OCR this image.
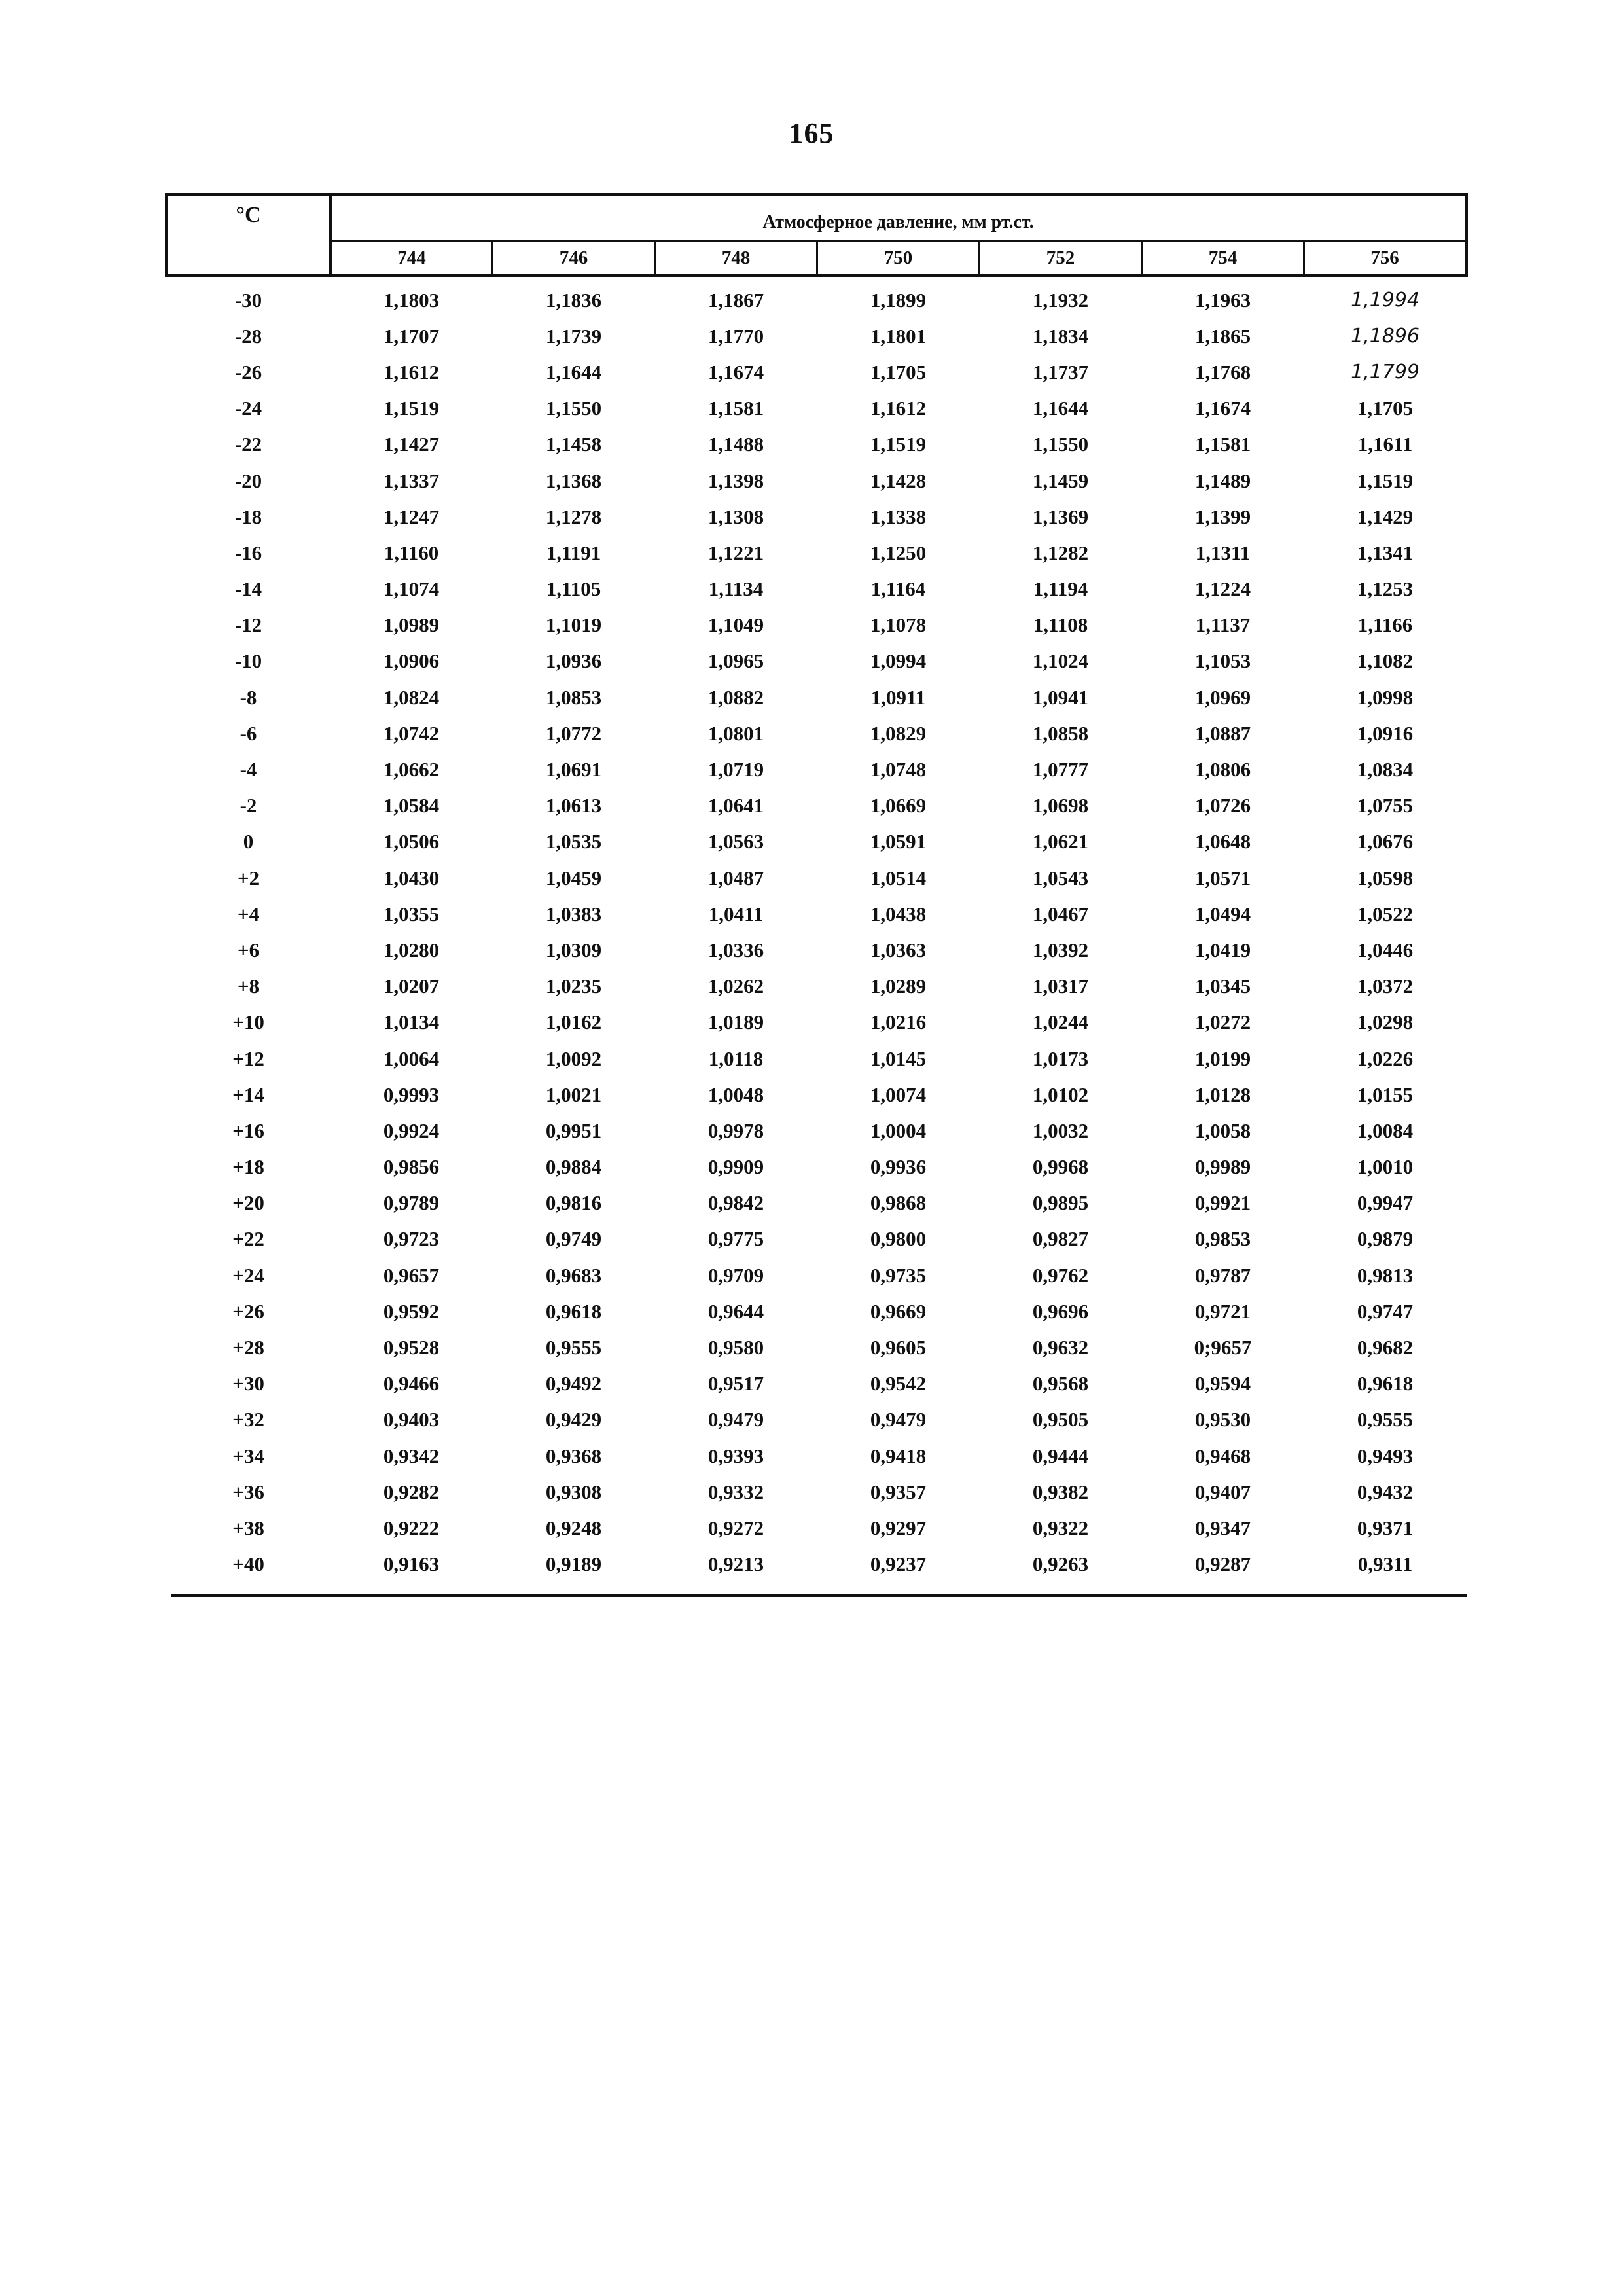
165
°C	Атмосферное давление, мм рт.ст.						
	744	746	748	750	752	754	756
-30	1,1803	1,1836	1,1867	1,1899	1,1932	1,1963	1,1994
-28	1,1707	1,1739	1,1770	1,1801	1,1834	1,1865	1,1896
-26	1,1612	1,1644	1,1674	1,1705	1,1737	1,1768	1,1799
-24	1,1519	1,1550	1,1581	1,1612	1,1644	1,1674	1,1705
-22	1,1427	1,1458	1,1488	1,1519	1,1550	1,1581	1,1611
-20	1,1337	1,1368	1,1398	1,1428	1,1459	1,1489	1,1519
-18	1,1247	1,1278	1,1308	1,1338	1,1369	1,1399	1,1429
-16	1,1160	1,1191	1,1221	1,1250	1,1282	1,1311	1,1341
-14	1,1074	1,1105	1,1134	1,1164	1,1194	1,1224	1,1253
-12	1,0989	1,1019	1,1049	1,1078	1,1108	1,1137	1,1166
-10	1,0906	1,0936	1,0965	1,0994	1,1024	1,1053	1,1082
-8	1,0824	1,0853	1,0882	1,0911	1,0941	1,0969	1,0998
-6	1,0742	1,0772	1,0801	1,0829	1,0858	1,0887	1,0916
-4	1,0662	1,0691	1,0719	1,0748	1,0777	1,0806	1,0834
-2	1,0584	1,0613	1,0641	1,0669	1,0698	1,0726	1,0755
0	1,0506	1,0535	1,0563	1,0591	1,0621	1,0648	1,0676
+2	1,0430	1,0459	1,0487	1,0514	1,0543	1,0571	1,0598
+4	1,0355	1,0383	1,0411	1,0438	1,0467	1,0494	1,0522
+6	1,0280	1,0309	1,0336	1,0363	1,0392	1,0419	1,0446
+8	1,0207	1,0235	1,0262	1,0289	1,0317	1,0345	1,0372
+10	1,0134	1,0162	1,0189	1,0216	1,0244	1,0272	1,0298
+12	1,0064	1,0092	1,0118	1,0145	1,0173	1,0199	1,0226
+14	0,9993	1,0021	1,0048	1,0074	1,0102	1,0128	1,0155
+16	0,9924	0,9951	0,9978	1,0004	1,0032	1,0058	1,0084
+18	0,9856	0,9884	0,9909	0,9936	0,9968	0,9989	1,0010
+20	0,9789	0,9816	0,9842	0,9868	0,9895	0,9921	0,9947
+22	0,9723	0,9749	0,9775	0,9800	0,9827	0,9853	0,9879
+24	0,9657	0,9683	0,9709	0,9735	0,9762	0,9787	0,9813
+26	0,9592	0,9618	0,9644	0,9669	0,9696	0,9721	0,9747
+28	0,9528	0,9555	0,9580	0,9605	0,9632	0;9657	0,9682
+30	0,9466	0,9492	0,9517	0,9542	0,9568	0,9594	0,9618
+32	0,9403	0,9429	0,9479	0,9479	0,9505	0,9530	0,9555
+34	0,9342	0,9368	0,9393	0,9418	0,9444	0,9468	0,9493
+36	0,9282	0,9308	0,9332	0,9357	0,9382	0,9407	0,9432
+38	0,9222	0,9248	0,9272	0,9297	0,9322	0,9347	0,9371
+40	0,9163	0,9189	0,9213	0,9237	0,9263	0,9287	0,9311
